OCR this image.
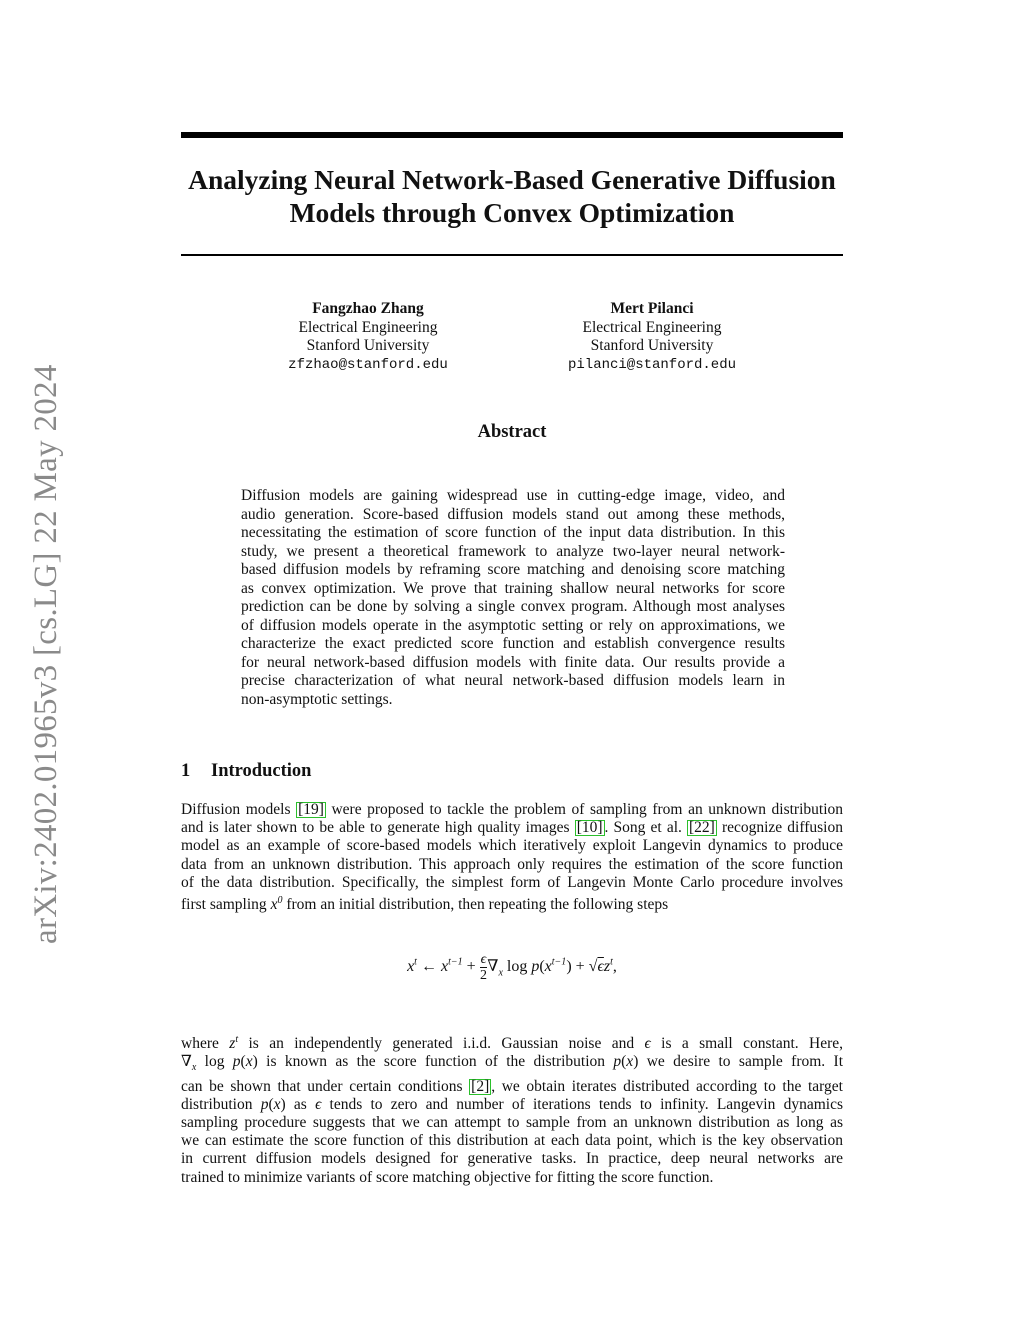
arXiv:2402.01965v3 [cs.LG] 22 May 2024
Analyzing Neural Network-Based Generative Diffusion
Models through Convex Optimization
Fangzhao Zhang
Electrical Engineering
Stanford University
zfzhao@stanford.edu
Mert Pilanci
Electrical Engineering
Stanford University
pilanci@stanford.edu
Abstract
Diffusion models are gaining widespread use in cutting-edge image, video, and
audio generation. Score-based diffusion models stand out among these methods,
necessitating the estimation of score function of the input data distribution. In this
study, we present a theoretical framework to analyze two-layer neural network-
based diffusion models by reframing score matching and denoising score matching
as convex optimization. We prove that training shallow neural networks for score
prediction can be done by solving a single convex program. Although most analyses
of diffusion models operate in the asymptotic setting or rely on approximations, we
characterize the exact predicted score function and establish convergence results
for neural network-based diffusion models with finite data. Our results provide a
precise characterization of what neural network-based diffusion models learn in
non-asymptotic settings.
1 Introduction
Diffusion models [19] were proposed to tackle the problem of sampling from an unknown distribution
and is later shown to be able to generate high quality images [10] . Song et al. [22] recognize diffusion
model as an example of score-based models which iteratively exploit Langevin dynamics to produce
data from an unknown distribution. This approach only requires the estimation of the score function
of the data distribution. Specifically, the simplest form of Langevin Monte Carlo procedure involves
first sampling $x^0$ from an initial distribution, then repeating the following steps
$x^t$ ← $x^{t-1} + \frac{\epsilon}{2} \nabla_x$ $\log p(x^{t-1}) + √\epsilon z^t$,
where $z^t$ is an independently generated i.i.d. Gaussian noise and ϵ is a small constant. Here,
$\nabla_x$ log p(x) is known as the score function of the distribution p(x) we desire to sample from. It
can be shown that under certain conditions [2] , we obtain iterates distributed according to the target
distribution p(x) as ϵ tends to zero and number of iterations tends to infinity. Langevin dynamics
sampling procedure suggests that we can attempt to sample from an unknown distribution as long as
we can estimate the score function of this distribution at each data point, which is the key observation
in current diffusion models designed for generative tasks. In practice, deep neural networks are
trained to minimize variants of score matching objective for fitting the score function.
